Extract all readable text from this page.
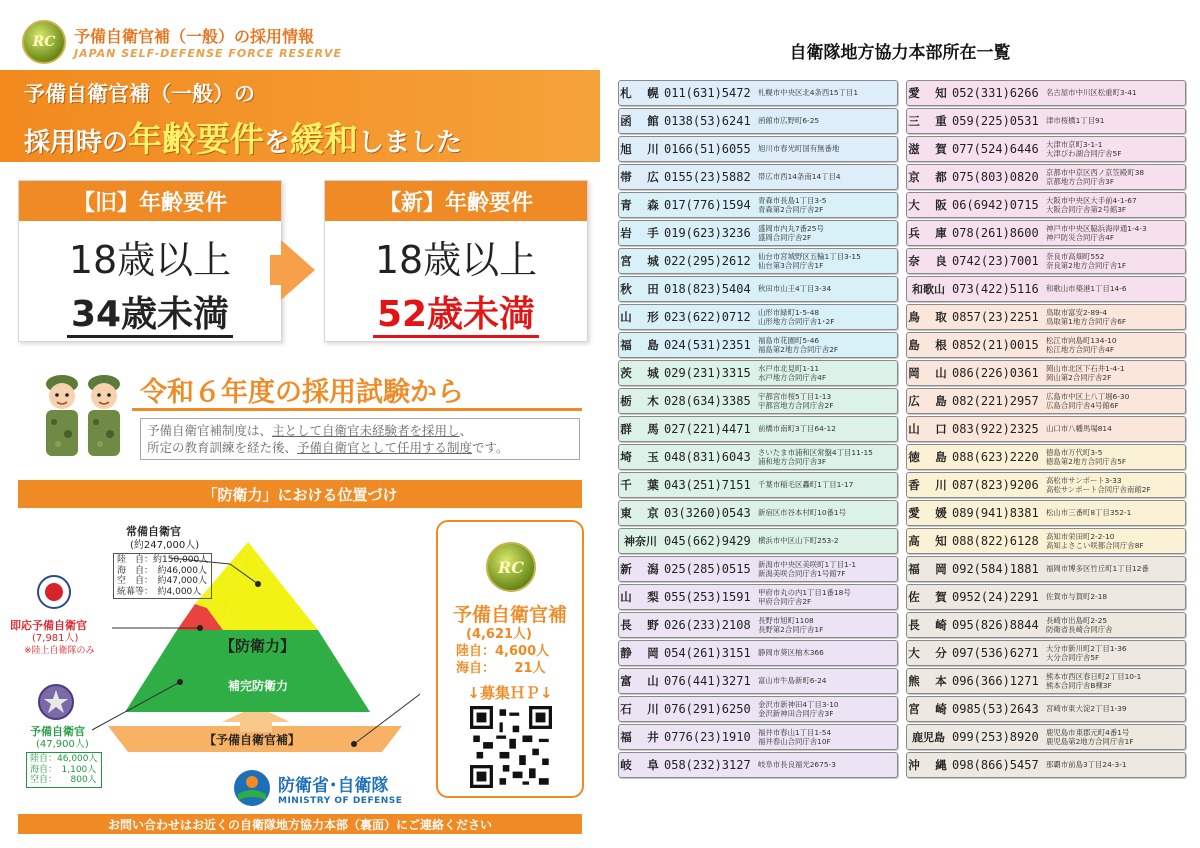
RC 予備自衛官補（一般）の採用情報
JAPAN SELF-DEFENSE FORCE RESERVE
予備自衛官補（一般）の
採用時の年齢要件を緩和しました
【旧】年齢要件
18歳以上
34歳未満
【新】年齢要件
18歳以上
52歳未満
令和６年度の採用試験から
予備自衛官補制度は、主として自衛官未経験者を採用し、
所定の教育訓練を経た後、予備自衛官として任用する制度です。
「防衛力」における位置づけ
常備自衛官
(約247,000人)
陸　自：約150,000人
海　自：　約46,000人
空　自：　約47,000人
統幕等：　約4,000人
即応予備自衛官
(7,981人)
※陸上自衛隊のみ
予備自衛官
(47,900人)
【防衛力】
補完防衛力
【予備自衛官補】
陸自：46,000人
海自：　1,100人
空自：　　800人
RC
予備自衛官補
(4,621人)
陸自：4,600人
海自：　　21人
↓募集ＨＰ↓
防衛省･自衛隊
MINISTRY OF DEFENSE
お問い合わせはお近くの自衛隊地方協力本部（裏面）にご連絡ください
自衛隊地方協力本部所在一覧
札　幌 011(631)5472 札幌市中央区北4条西15丁目1
函　館 0138(53)6241 函館市広野町6-25
旭　川 0166(51)6055 旭川市春光町国有無番地
帯　広 0155(23)5882 帯広市西14条南14丁目4
青　森 017(776)1594 青森市長島1丁目3-5
青森第2合同庁舎2F
岩　手 019(623)3236 盛岡市内丸7番25号
盛岡合同庁舎2F
宮　城 022(295)2612 仙台市宮城野区五輪1丁目3-15
仙台第3合同庁舎1F
秋　田 018(823)5404 秋田市山王4丁目3-34
山　形 023(622)0712 山形市緑町1-5-48
山形地方合同庁舎1･2F
福　島 024(531)2351 福島市花園町5-46
福島第2地方合同庁舎2F
茨　城 029(231)3315 水戸市北見町1-11
水戸地方合同庁舎4F
栃　木 028(634)3385 宇都宮市桜5丁目1-13
宇都宮地方合同庁舎2F
群　馬 027(221)4471 前橋市南町3丁目64-12
埼　玉 048(831)6043 さいたま市浦和区常盤4丁目11-15
浦和地方合同庁舎3F
千　葉 043(251)7151 千葉市稲毛区轟町1丁目1-17
東　京 03(3260)0543 新宿区市谷本村町10番1号
神奈川 045(662)9429 横浜市中区山下町253-2
新　潟 025(285)0515 新潟市中央区美咲町1丁目1-1
新潟美咲合同庁舎1号館7F
山　梨 055(253)1591 甲府市丸の内1丁目1番18号
甲府合同庁舎2F
長　野 026(233)2108 長野市旭町1108
長野第2合同庁舎1F
静　岡 054(261)3151 静岡市葵区柚木366
富　山 076(441)3271 富山市牛島新町6-24
石　川 076(291)6250 金沢市新神田4丁目3-10
金沢新神田合同庁舎3F
福　井 0776(23)1910 福井市春山1丁目1-54
福井春山合同庁舎10F
岐　阜 058(232)3127 岐阜市長良福光2675-3
愛　知 052(331)6266 名古屋市中川区松重町3-41
三　重 059(225)0531 津市桜橋1丁目91
滋　賀 077(524)6446 大津市京町3-1-1
大津びわ湖合同庁舎5F
京　都 075(803)0820 京都市中京区西ノ京笠殿町38
京都地方合同庁舎3F
大　阪 06(6942)0715 大阪市中央区大手前4-1-67
大阪合同庁舎第2号館3F
兵　庫 078(261)8600 神戸市中央区脇浜海岸通1-4-3
神戸防災合同庁舎4F
奈　良 0742(23)7001 奈良市高畑町552
奈良第2地方合同庁舎1F
和歌山 073(422)5116 和歌山市築港1丁目14-6
鳥　取 0857(23)2251 鳥取市富安2-89-4
鳥取第1地方合同庁舎6F
島　根 0852(21)0015 松江市向島町134-10
松江地方合同庁舎4F
岡　山 086(226)0361 岡山市北区下石井1-4-1
岡山第2合同庁舎2F
広　島 082(221)2957 広島市中区上八丁堀6-30
広島合同庁舎4号館6F
山　口 083(922)2325 山口市八幡馬場814
徳　島 088(623)2220 徳島市万代町3-5
徳島第2地方合同庁舎5F
香　川 087(823)9206 高松市サンポート3-33
高松サンポート合同庁舎南館2F
愛　媛 089(941)8381 松山市三番町8丁目352-1
高　知 088(822)6128 高知市栄田町2-2-10
高知よさこい咲都合同庁舎8F
福　岡 092(584)1881 福岡市博多区竹丘町1丁目12番
佐　賀 0952(24)2291 佐賀市与賀町2-18
長　崎 095(826)8844 長崎市出島町2-25
防衛省長崎合同庁舎
大　分 097(536)6271 大分市新川町2丁目1-36
大分合同庁舎5F
熊　本 096(366)1271 熊本市西区春日町2丁目10-1
熊本合同庁舎B棟3F
宮　崎 0985(53)2643 宮崎市東大淀2丁目1-39
鹿児島 099(253)8920 鹿児島市東郡元町4番1号
鹿児島第2地方合同庁舎1F
沖　縄 098(866)5457 那覇市前島3丁目24-3-1
